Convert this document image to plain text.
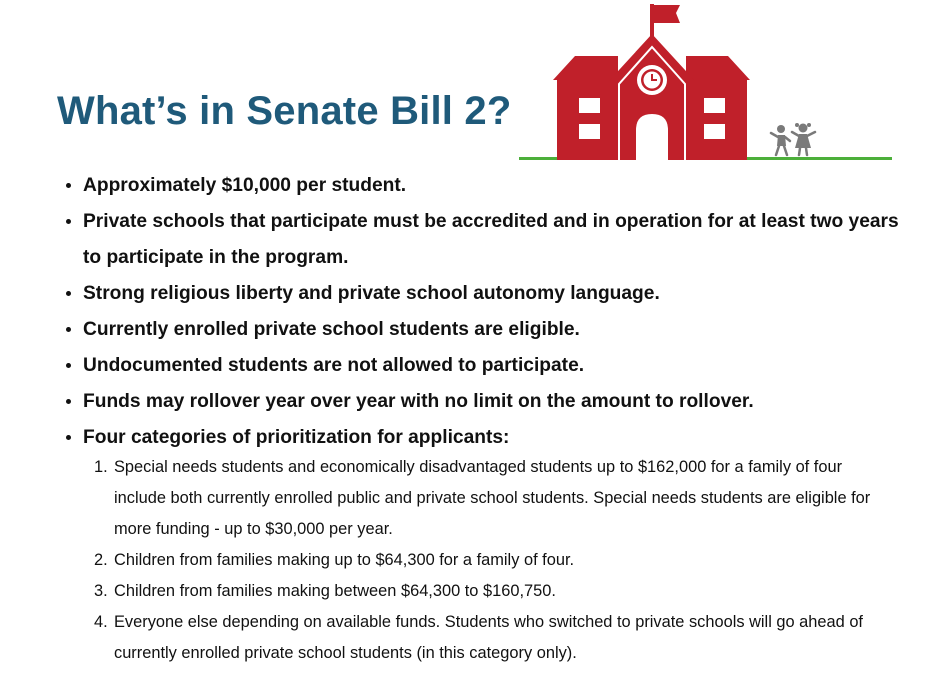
What’s in Senate Bill 2?
Approximately $10,000 per student.
Private schools that participate must be accredited and in operation for at least two years to participate in the program.
Strong religious liberty and private school autonomy language.
Currently enrolled private school students are eligible.
Undocumented students are not allowed to participate.
Funds may rollover year over year with no limit on the amount to rollover.
Four categories of prioritization for applicants:
1. Special needs students and economically disadvantaged students up to $162,000 for a family of four include both currently enrolled public and private school students. Special needs students are eligible for more funding - up to $30,000 per year.
2. Children from families making up to $64,300 for a family of four.
3. Children from families making between $64,300 to $160,750.
4. Everyone else depending on available funds. Students who switched to private schools will go ahead of currently enrolled private school students (in this category only).
